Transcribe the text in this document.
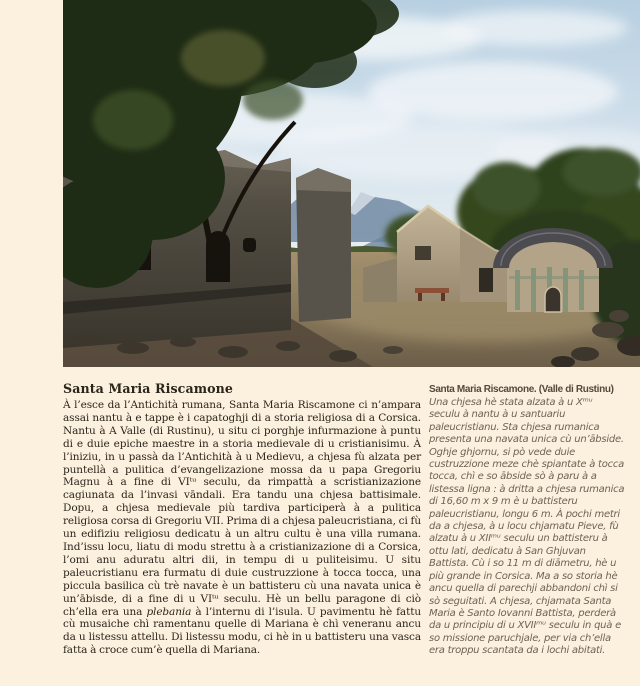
Santa Maria Riscamone

À l’esce da l’Antichità rumana, Santa Maria Riscamone ci n’ampara assai nantu à e tappe è i capatoghji di a storia religiosa di a Corsica. Nantu à A Valle (di Rustinu), u situ ci porghje infurmazione à puntu di e duie epiche maestre in a storia medievale di u cristianisimu. À l’iniziu, in u passà da l’Antichità à u Medievu, a chjesa fù alzata per puntellà a pulitica d’evangelizazione mossa da u papa Gregoriu Magnu à a fine di VIᵗᵘ seculu, da rimpattà a scristianizazione cagiunata da l’invasi vāndali. Era tandu una chjesa battisimale. Dopu, a chjesa medievale più tardiva participerà à a pulitica religiosa corsa di Gregoriu VII. Prima di a chjesa paleucristiana, ci fù un edifiziu religiosu dedicatu à un altru cultu è una villa rumana. Ind’issu locu, liatu di modu strettu à a cristianizazione di a Corsica, l’omi anu aduratu altri dii, in tempu di u puliteisimu. U situ paleucristianu era furmatu di duie custruzzione à tocca tocca, una piccula basilica cù trè navate è un battisteru cù una navata unica è un’ābisde, di a fine di u VIᵗᵘ seculu. Hè un bellu paragone di ciò ch’ella era una plebania à l’internu di l’isula. U pavimentu hè fattu cù musaiche chì ramentanu quelle di Mariana è chì veneranu ancu da u listessu attellu. Di listessu modu, ci hè in u battisteru una vasca fatta à croce cum’è quella di Mariana.

Santa Maria Riscamone. (Valle di Rustinu)

Una chjesa hè stata alzata à u Xᵐᵘ seculu à nantu à u santuariu paleucristianu. Sta chjesa rumanica presenta una navata unica cù un’ābside. Oghje ghjornu, si pò vede duie custruzzione meze chè spiantate à tocca tocca, chì e so ābside sò à paru à a listessa ligna : à dritta a chjesa rumanica di 16,60 m x 9 m è u battisteru paleucristianu, longu 6 m. À pochi metri da a chjesa, à u locu chjamatu Pieve, fù alzatu à u XIIᵐᵘ seculu un battisteru à ottu lati, dedicatu à San Ghjuvan Battista. Cù i so 11 m di diāmetru, hè u più grande in Corsica. Ma a so storia hè ancu quella di parechji abbandoni chì si sò seguitati. A chjesa, chjamata Santa Maria è Santo Iovanni Battista, perderà da u principiu di u XVIIᵐᵘ seculu in quà e so missione paruchjale, per via ch’ella era troppu scantata da i lochi abitati.
